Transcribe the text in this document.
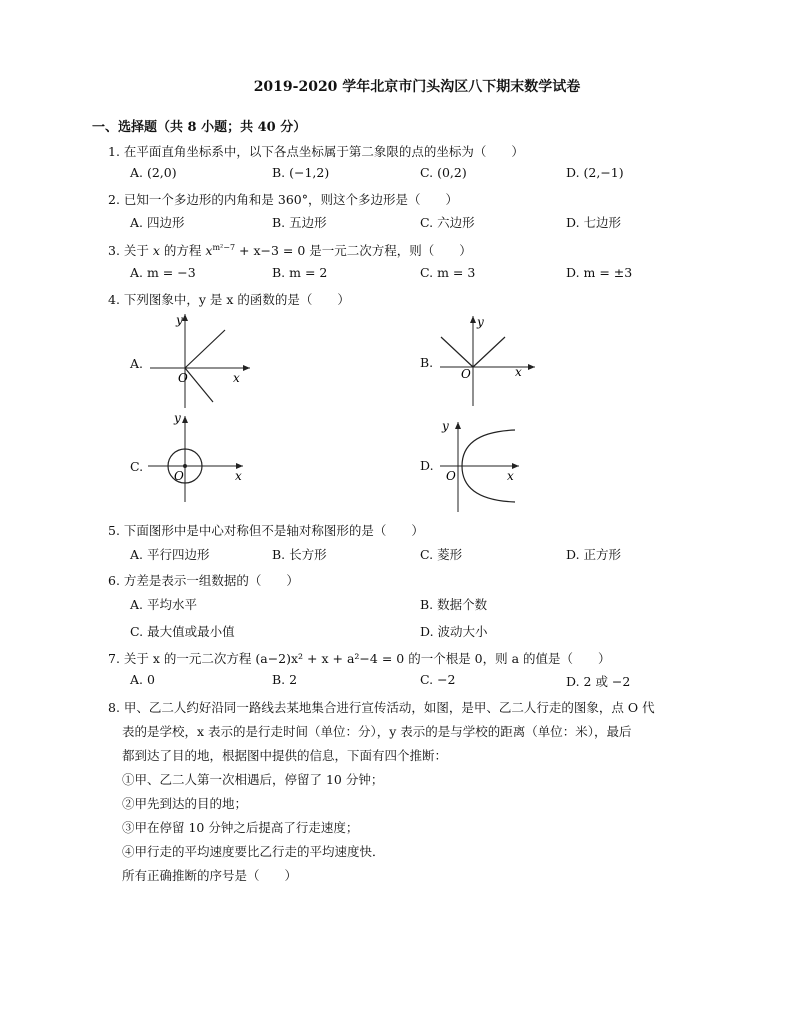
2019-2020 学年北京市门头沟区八下期末数学试卷
一、选择题（共 8 小题；共 40 分）
1. 在平面直角坐标系中，以下各点坐标属于第二象限的点的坐标为（　　）
A. (2,0)	B. (−1,2)	C. (0,2)	D. (2,−1)
2. 已知一个多边形的内角和是 360°，则这个多边形是（　　）
A. 四边形	B. 五边形	C. 六边形	D. 七边形
3. 关于 x 的方程 $x^{m^2-7} + x-3 = 0$ 是一元二次方程，则（　　）
A. m = −3	B. m = 2	C. m = 3	D. m = ±3
4. 下列图象中，y 是 x 的函数的是（　　）
A.
y
x
O
B.
y
x
O
C.
y
x
O
D.
y
x
O
5. 下面图形中是中心对称但不是轴对称图形的是（　　）
A. 平行四边形	B. 长方形	C. 菱形	D. 正方形
6. 方差是表示一组数据的（　　）
A. 平均水平	B. 数据个数
C. 最大值或最小值	D. 波动大小
7. 关于 x 的一元二次方程 (a−2)x² + x + a²−4 = 0 的一个根是 0，则 a 的值是（　　）
A. 0	B. 2	C. −2	D. 2 或 −2
8. 甲、乙二人约好沿同一路线去某地集合进行宣传活动，如图，是甲、乙二人行走的图象，点 O 代
表的是学校，x 表示的是行走时间（单位：分），y 表示的是与学校的距离（单位：米），最后
都到达了目的地，根据图中提供的信息，下面有四个推断：
①甲、乙二人第一次相遇后，停留了 10 分钟；
②甲先到达的目的地；
③甲在停留 10 分钟之后提高了行走速度；
④甲行走的平均速度要比乙行走的平均速度快．
所有正确推断的序号是（　　）
